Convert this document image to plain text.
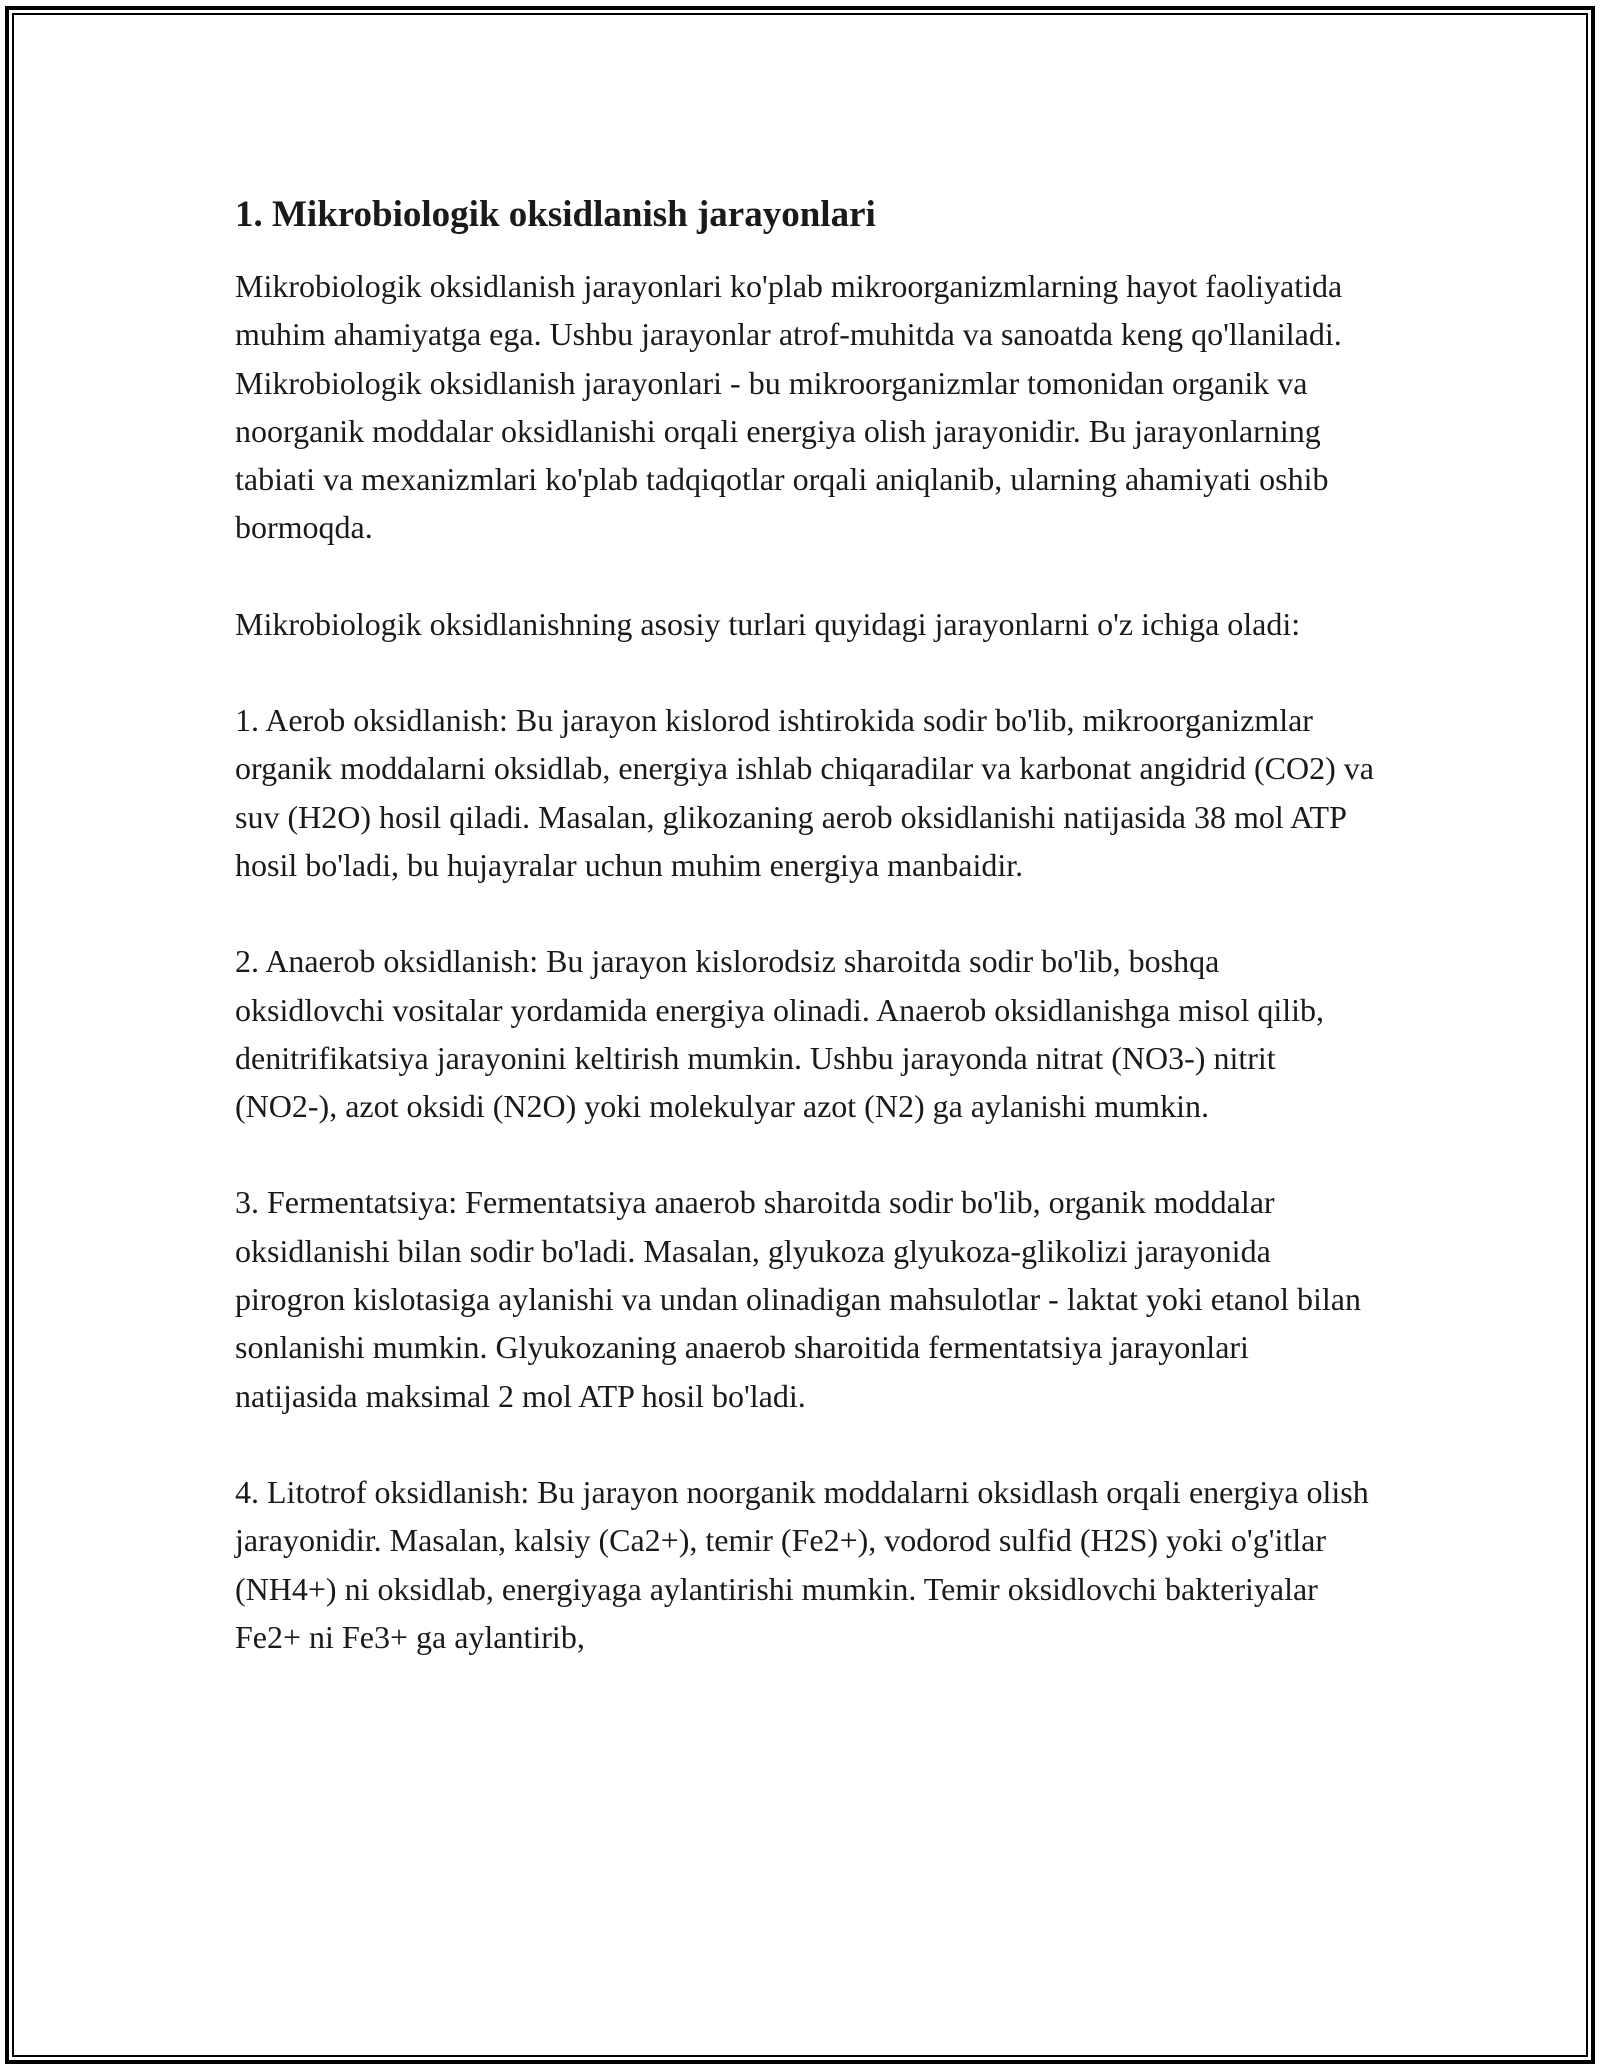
1. Mikrobiologik oksidlanish jarayonlari

Mikrobiologik oksidlanish jarayonlari ko'plab mikroorganizmlarning hayot faoliyatida muhim ahamiyatga ega. Ushbu jarayonlar atrof-muhitda va sanoatda keng qo'llaniladi. Mikrobiologik oksidlanish jarayonlari - bu mikroorganizmlar tomonidan organik va noorganik moddalar oksidlanishi orqali energiya olish jarayonidir. Bu jarayonlarning tabiati va mexanizmlari ko'plab tadqiqotlar orqali aniqlanib, ularning ahamiyati oshib bormoqda.

Mikrobiologik oksidlanishning asosiy turlari quyidagi jarayonlarni o'z ichiga oladi:

1. Aerob oksidlanish: Bu jarayon kislorod ishtirokida sodir bo'lib, mikroorganizmlar organik moddalarni oksidlab, energiya ishlab chiqaradilar va karbonat angidrid (CO2) va suv (H2O) hosil qiladi. Masalan, glikozaning aerob oksidlanishi natijasida 38 mol ATP hosil bo'ladi, bu hujayralar uchun muhim energiya manbaidir.

2. Anaerob oksidlanish: Bu jarayon kislorodsiz sharoitda sodir bo'lib, boshqa oksidlovchi vositalar yordamida energiya olinadi. Anaerob oksidlanishga misol qilib, denitrifikatsiya jarayonini keltirish mumkin. Ushbu jarayonda nitrat (NO3-) nitrit (NO2-), azot oksidi (N2O) yoki molekulyar azot (N2) ga aylanishi mumkin.

3. Fermentatsiya: Fermentatsiya anaerob sharoitda sodir bo'lib, organik moddalar oksidlanishi bilan sodir bo'ladi. Masalan, glyukoza glyukoza-glikolizi jarayonida pirogron kislotasiga aylanishi va undan olinadigan mahsulotlar - laktat yoki etanol bilan sonlanishi mumkin. Glyukozaning anaerob sharoitida fermentatsiya jarayonlari natijasida maksimal 2 mol ATP hosil bo'ladi.

4. Litotrof oksidlanish: Bu jarayon noorganik moddalarni oksidlash orqali energiya olish jarayonidir. Masalan, kalsiy (Ca2+), temir (Fe2+), vodorod sulfid (H2S) yoki o'g'itlar (NH4+) ni oksidlab, energiyaga aylantirishi mumkin. Temir oksidlovchi bakteriyalar Fe2+ ni Fe3+ ga aylantirib,
